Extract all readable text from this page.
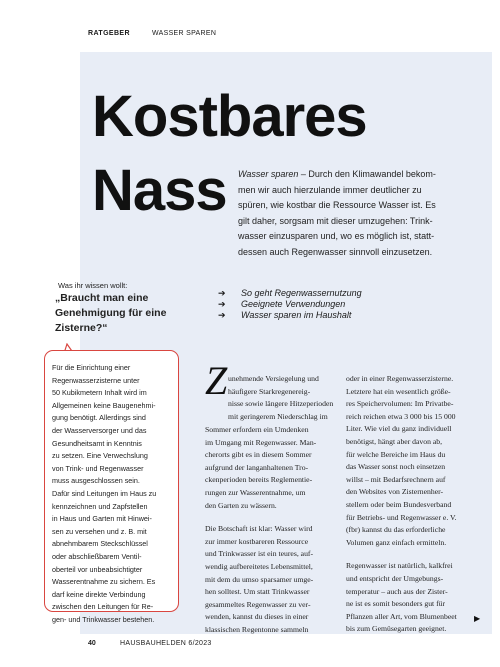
RATGEBER	WASSER SPAREN
Kostbares
Nass Wasser sparen – Durch den Klimawandel bekom-
men wir auch hierzulande immer deutlicher zu
spüren, wie kostbar die Ressource Wasser ist. Es
gilt daher, sorgsam mit dieser umzugehen: Trink-
wasser einzusparen und, wo es möglich ist, statt-
dessen auch Regenwasser sinnvoll einzusetzen.
Was ihr wissen wollt:
„Braucht man eine
Genehmigung für eine
Zisterne?“
➔ So geht Regenwassernutzung
➔ Geeignete Verwendungen
➔ Wasser sparen im Haushalt
Für die Einrichtung einer
Regenwasserzisterne unter
50 Kubikmetern Inhalt wird im
Allgemeinen keine Baugenehmi-
gung benötigt. Allerdings sind
der Wasserversorger und das
Gesundheitsamt in Kenntnis
zu setzen. Eine Verwechslung
von Trink- und Regenwasser
muss ausgeschlossen sein.
Dafür sind Leitungen im Haus zu
kennzeichnen und Zapfstellen
in Haus und Garten mit Hinwei-
sen zu versehen und z. B. mit
abnehmbarem Steckschlüssel
oder abschließbarem Ventil-
oberteil vor unbeabsichtigter
Wasserentnahme zu sichern. Es
darf keine direkte Verbindung
zwischen den Leitungen für Re-
gen- und Trinkwasser bestehen.
Z unehmende Versiegelung und
häufigere Starkregenereig-
nisse sowie längere Hitzeperioden
mit geringerem Niederschlag im
Sommer erfordern ein Umdenken
im Umgang mit Regenwasser. Man-
cherorts gibt es in diesem Sommer
aufgrund der langanhaltenen Tro-
ckenperioden bereits Reglementie-
rungen zur Wasserentnahme, um
den Garten zu wässern.
Die Botschaft ist klar: Wasser wird
zur immer kostbareren Ressource
und Trinkwasser ist ein teures, auf-
wendig aufbereitetes Lebensmittel,
mit dem du umso sparsamer umge-
hen solltest. Um statt Trinkwasser
gesammeltes Regenwasser zu ver-
wenden, kannst du dieses in einer
klassischen Regentonne sammeln
oder in einer Regenwasserzisterne.
Letztere hat ein wesentlich größe-
res Speichervolumen: Im Privatbe-
reich reichen etwa 3 000 bis 15 000
Liter. Wie viel du ganz individuell
benötigst, hängt aber davon ab,
für welche Bereiche im Haus du
das Wasser sonst noch einsetzen
willst – mit Bedarfsrechnern auf
den Websites von Zisternenher-
stellern oder beim Bundesverband
für Betriebs- und Regenwasser e. V.
(fbr) kannst du das erforderliche
Volumen ganz einfach ermitteln.
Regenwasser ist natürlich, kalkfrei
und entspricht der Umgebungs-
temperatur – auch aus der Zister-
ne ist es somit besonders gut für
Pflanzen aller Art, vom Blumenbeet
bis zum Gemüsegarten geeignet.
▶
40	HAUSBAUHELDEN 6/2023
